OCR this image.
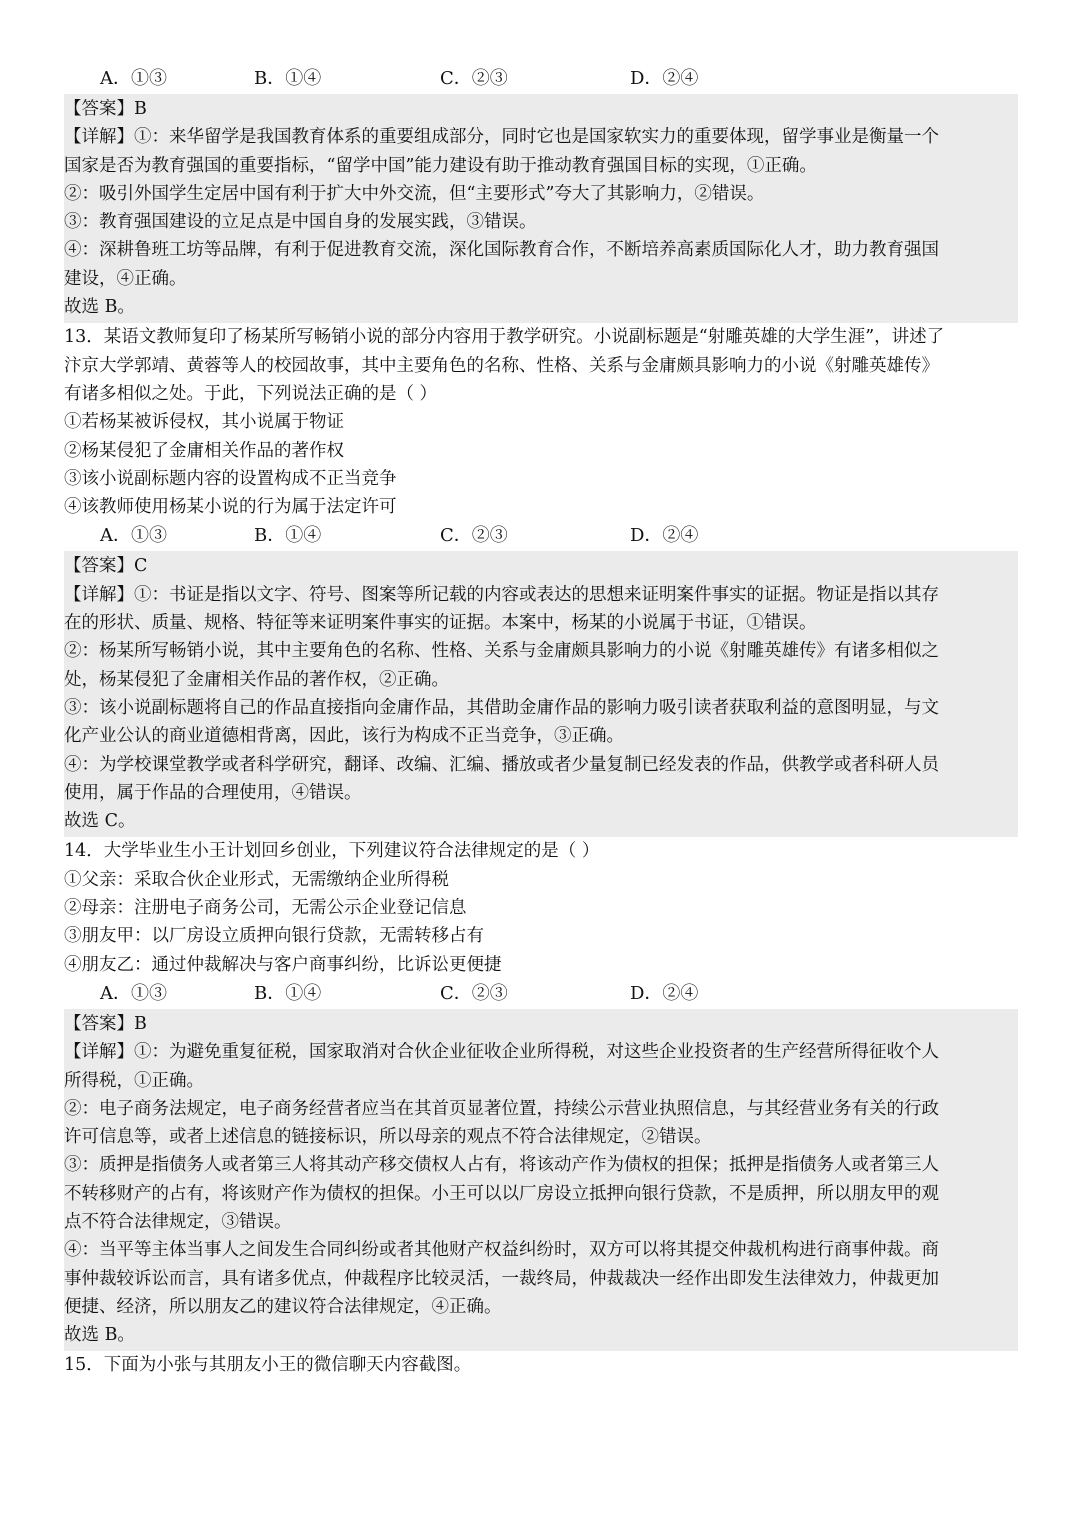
A．①③	B．①④	C．②③	D．②④
【答案】B
【详解】①：来华留学是我国教育体系的重要组成部分，同时它也是国家软实力的重要体现，留学事业是衡量一个
国家是否为教育强国的重要指标，“留学中国”能力建设有助于推动教育强国目标的实现，①正确。
②：吸引外国学生定居中国有利于扩大中外交流，但“主要形式”夸大了其影响力，②错误。
③：教育强国建设的立足点是中国自身的发展实践，③错误。
④：深耕鲁班工坊等品牌，有利于促进教育交流，深化国际教育合作，不断培养高素质国际化人才，助力教育强国
建设，④正确。
故选 B。
13．某语文教师复印了杨某所写畅销小说的部分内容用于教学研究。小说副标题是“射雕英雄的大学生涯”，讲述了
汴京大学郭靖、黄蓉等人的校园故事，其中主要角色的名称、性格、关系与金庸颇具影响力的小说《射雕英雄传》
有诸多相似之处。于此，下列说法正确的是（ ）
①若杨某被诉侵权，其小说属于物证
②杨某侵犯了金庸相关作品的著作权
③该小说副标题内容的设置构成不正当竞争
④该教师使用杨某小说的行为属于法定许可
A．①③	B．①④	C．②③	D．②④
【答案】C
【详解】①：书证是指以文字、符号、图案等所记载的内容或表达的思想来证明案件事实的证据。物证是指以其存
在的形状、质量、规格、特征等来证明案件事实的证据。本案中，杨某的小说属于书证，①错误。
②：杨某所写畅销小说，其中主要角色的名称、性格、关系与金庸颇具影响力的小说《射雕英雄传》有诸多相似之
处，杨某侵犯了金庸相关作品的著作权，②正确。
③：该小说副标题将自己的作品直接指向金庸作品，其借助金庸作品的影响力吸引读者获取利益的意图明显，与文
化产业公认的商业道德相背离，因此，该行为构成不正当竞争，③正确。
④：为学校课堂教学或者科学研究，翻译、改编、汇编、播放或者少量复制已经发表的作品，供教学或者科研人员
使用，属于作品的合理使用，④错误。
故选 C。
14．大学毕业生小王计划回乡创业，下列建议符合法律规定的是（ ）
①父亲：采取合伙企业形式，无需缴纳企业所得税
②母亲：注册电子商务公司，无需公示企业登记信息
③朋友甲：以厂房设立质押向银行贷款，无需转移占有
④朋友乙：通过仲裁解决与客户商事纠纷，比诉讼更便捷
A．①③	B．①④	C．②③	D．②④
【答案】B
【详解】①：为避免重复征税，国家取消对合伙企业征收企业所得税，对这些企业投资者的生产经营所得征收个人
所得税，①正确。
②：电子商务法规定，电子商务经营者应当在其首页显著位置，持续公示营业执照信息，与其经营业务有关的行政
许可信息等，或者上述信息的链接标识，所以母亲的观点不符合法律规定，②错误。
③：质押是指债务人或者第三人将其动产移交债权人占有，将该动产作为债权的担保；抵押是指债务人或者第三人
不转移财产的占有，将该财产作为债权的担保。小王可以以厂房设立抵押向银行贷款，不是质押，所以朋友甲的观
点不符合法律规定，③错误。
④：当平等主体当事人之间发生合同纠纷或者其他财产权益纠纷时，双方可以将其提交仲裁机构进行商事仲裁。商
事仲裁较诉讼而言，具有诸多优点，仲裁程序比较灵活，一裁终局，仲裁裁决一经作出即发生法律效力，仲裁更加
便捷、经济，所以朋友乙的建议符合法律规定，④正确。
故选 B。
15．下面为小张与其朋友小王的微信聊天内容截图。
